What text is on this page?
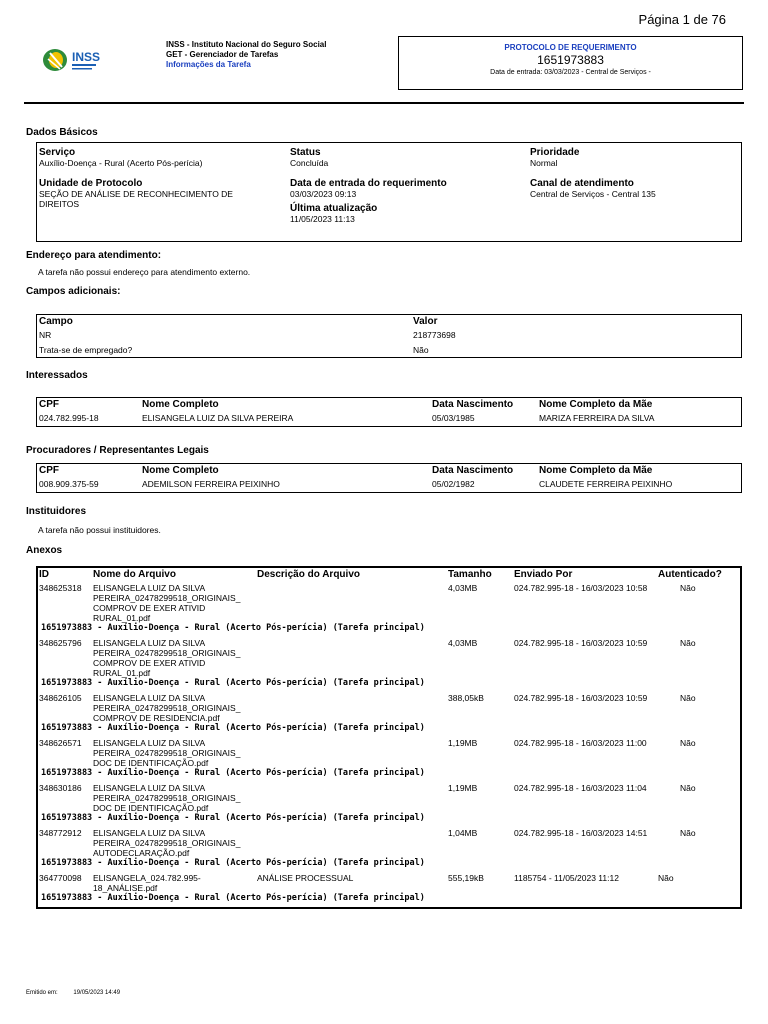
Página 1 de 76
INSS
INSS - Instituto Nacional do Seguro Social
GET - Gerenciador de Tarefas
Informações da Tarefa
PROTOCOLO DE REQUERIMENTO
1651973883
Data de entrada: 03/03/2023 - Central de Serviços -
Dados Básicos
Serviço
Auxílio-Doença - Rural (Acerto Pós-perícia)
Status
Concluída
Prioridade
Normal
Unidade de Protocolo
SEÇÃO DE ANÁLISE DE RECONHECIMENTO DE DIREITOS
Data de entrada do requerimento
03/03/2023 09:13
Última atualização
11/05/2023 11:13
Canal de atendimento
Central de Serviços - Central 135
Endereço para atendimento:
A tarefa não possui endereço para atendimento externo.
Campos adicionais:
Campo	Valor
NR	218773698
Trata-se de empregado?	Não
Interessados
CPF	Nome Completo	Data Nascimento	Nome Completo da Mãe
024.782.995-18	ELISANGELA LUIZ DA SILVA PEREIRA	05/03/1985	MARIZA FERREIRA DA SILVA
Procuradores / Representantes Legais
CPF	Nome Completo	Data Nascimento	Nome Completo da Mãe
008.909.375-59	ADEMILSON FERREIRA PEIXINHO	05/02/1982	CLAUDETE FERREIRA PEIXINHO
Instituidores
A tarefa não possui instituidores.
Anexos
ID	Nome do Arquivo	Descrição do Arquivo	Tamanho Enviado Por	Autenticado?
348625318 ELISANGELA LUIZ DA SILVA
PEREIRA_02478299518_ORIGINAIS_
COMPROV DE EXER ATIVID
RURAL_01.pdf
4,03MB	024.782.995-18 - 16/03/2023 10:58	Não
1651973883 - Auxílio-Doença - Rural (Acerto Pós-perícia) (Tarefa principal)
348625796 ELISANGELA LUIZ DA SILVA
PEREIRA_02478299518_ORIGINAIS_
COMPROV DE EXER ATIVID
RURAL_01.pdf
4,03MB	024.782.995-18 - 16/03/2023 10:59	Não
1651973883 - Auxílio-Doença - Rural (Acerto Pós-perícia) (Tarefa principal)
348626105 ELISANGELA LUIZ DA SILVA
PEREIRA_02478299518_ORIGINAIS_
COMPROV DE RESIDENCIA.pdf
388,05kB	024.782.995-18 - 16/03/2023 10:59	Não
1651973883 - Auxílio-Doença - Rural (Acerto Pós-perícia) (Tarefa principal)
348626571 ELISANGELA LUIZ DA SILVA
PEREIRA_02478299518_ORIGINAIS_
DOC DE IDENTIFICAÇÃO.pdf
1,19MB	024.782.995-18 - 16/03/2023 11:00	Não
1651973883 - Auxílio-Doença - Rural (Acerto Pós-perícia) (Tarefa principal)
348630186 ELISANGELA LUIZ DA SILVA
PEREIRA_02478299518_ORIGINAIS_
DOC DE IDENTIFICAÇÃO.pdf
1,19MB	024.782.995-18 - 16/03/2023 11:04	Não
1651973883 - Auxílio-Doença - Rural (Acerto Pós-perícia) (Tarefa principal)
348772912 ELISANGELA LUIZ DA SILVA
PEREIRA_02478299518_ORIGINAIS_
AUTODECLARAÇÃO.pdf
1,04MB	024.782.995-18 - 16/03/2023 14:51	Não
1651973883 - Auxílio-Doença - Rural (Acerto Pós-perícia) (Tarefa principal)
364770098 ELISANGELA_024.782.995-
18_ANÁLISE.pdf
ANÁLISE PROCESSUAL	555,19kB	1185754 - 11/05/2023 11:12	Não
1651973883 - Auxílio-Doença - Rural (Acerto Pós-perícia) (Tarefa principal)
Emitido em:	19/05/2023 14:49
